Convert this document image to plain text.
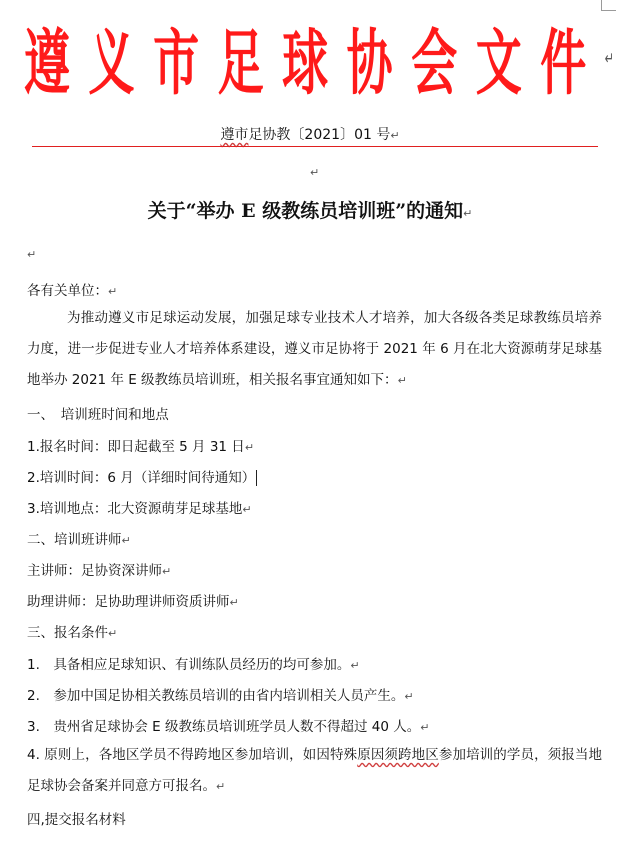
遵 义 市 足 球 协 会 文 件 ↵
遵市足协教〔2021〕01 号↵
↵
关于“举办 E 级教练员培训班”的通知↵
↵
各有关单位：↵
为推动遵义市足球运动发展，加强足球专业技术人才培养，加大各级各类足球教练员培养力度，进一步促进专业人才培养体系建设，遵义市足协将于 2021 年 6 月在北大资源萌芽足球基地举办 2021 年 E 级教练员培训班，相关报名事宜通知如下：↵
一、　培训班时间和地点
1.报名时间：即日起截至 5 月 31 日↵
2.培训时间：6 月（详细时间待通知）
3.培训地点：北大资源萌芽足球基地↵
二、培训班讲师↵
主讲师：足协资深讲师↵
助理讲师：足协助理讲师资质讲师↵
三、报名条件↵
1.　具备相应足球知识、有训练队员经历的均可参加。↵
2.　参加中国足协相关教练员培训的由省内培训相关人员产生。↵
3.　贵州省足球协会 E 级教练员培训班学员人数不得超过 40 人。↵
4. 原则上，各地区学员不得跨地区参加培训，如因特殊原因须跨地区参加培训的学员，须报当地足球协会备案并同意方可报名。↵
四,提交报名材料
